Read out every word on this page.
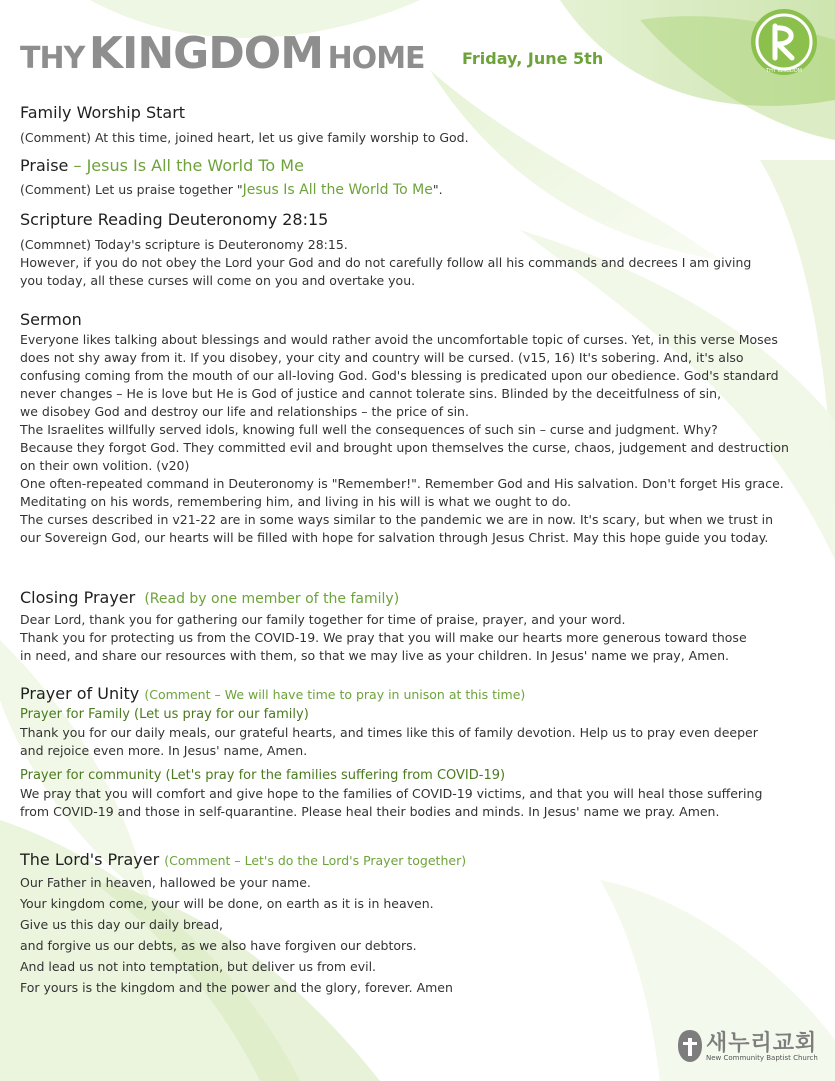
THY KINGDOM HOME Friday, June 5th
THY KINGDOM
Family Worship Start
(Comment) At this time, joined heart, let us give family worship to God.
Praise – Jesus Is All the World To Me
(Comment) Let us praise together "Jesus Is All the World To Me".
Scripture Reading Deuteronomy 28:15
(Commnet) Today's scripture is Deuteronomy 28:15.
However, if you do not obey the Lord your God and do not carefully follow all his commands and decrees I am giving
you today, all these curses will come on you and overtake you.
Sermon
Everyone likes talking about blessings and would rather avoid the uncomfortable topic of curses. Yet, in this verse Moses
does not shy away from it. If you disobey, your city and country will be cursed. (v15, 16) It's sobering. And, it's also
confusing coming from the mouth of our all-loving God. God's blessing is predicated upon our obedience. God's standard
never changes – He is love but He is God of justice and cannot tolerate sins. Blinded by the deceitfulness of sin,
we disobey God and destroy our life and relationships – the price of sin.
The Israelites willfully served idols, knowing full well the consequences of such sin – curse and judgment. Why?
Because they forgot God. They committed evil and brought upon themselves the curse, chaos, judgement and destruction
on their own volition. (v20)
One often-repeated command in Deuteronomy is "Remember!". Remember God and His salvation. Don't forget His grace.
Meditating on his words, remembering him, and living in his will is what we ought to do.
The curses described in v21-22 are in some ways similar to the pandemic we are in now. It's scary, but when we trust in
our Sovereign God, our hearts will be filled with hope for salvation through Jesus Christ. May this hope guide you today.
Closing Prayer (Read by one member of the family)
Dear Lord, thank you for gathering our family together for time of praise, prayer, and your word.
Thank you for protecting us from the COVID-19. We pray that you will make our hearts more generous toward those
in need, and share our resources with them, so that we may live as your children. In Jesus' name we pray, Amen.
Prayer of Unity (Comment – We will have time to pray in unison at this time)
Prayer for Family (Let us pray for our family)
Thank you for our daily meals, our grateful hearts, and times like this of family devotion. Help us to pray even deeper
and rejoice even more. In Jesus' name, Amen.
Prayer for community (Let's pray for the families suffering from COVID-19)
We pray that you will comfort and give hope to the families of COVID-19 victims, and that you will heal those suffering
from COVID-19 and those in self-quarantine. Please heal their bodies and minds. In Jesus' name we pray. Amen.
The Lord's Prayer (Comment – Let's do the Lord's Prayer together)
Our Father in heaven, hallowed be your name.
Your kingdom come, your will be done, on earth as it is in heaven.
Give us this day our daily bread,
and forgive us our debts, as we also have forgiven our debtors.
And lead us not into temptation, but deliver us from evil.
For yours is the kingdom and the power and the glory, forever. Amen
새누리교회
New Community Baptist Church
